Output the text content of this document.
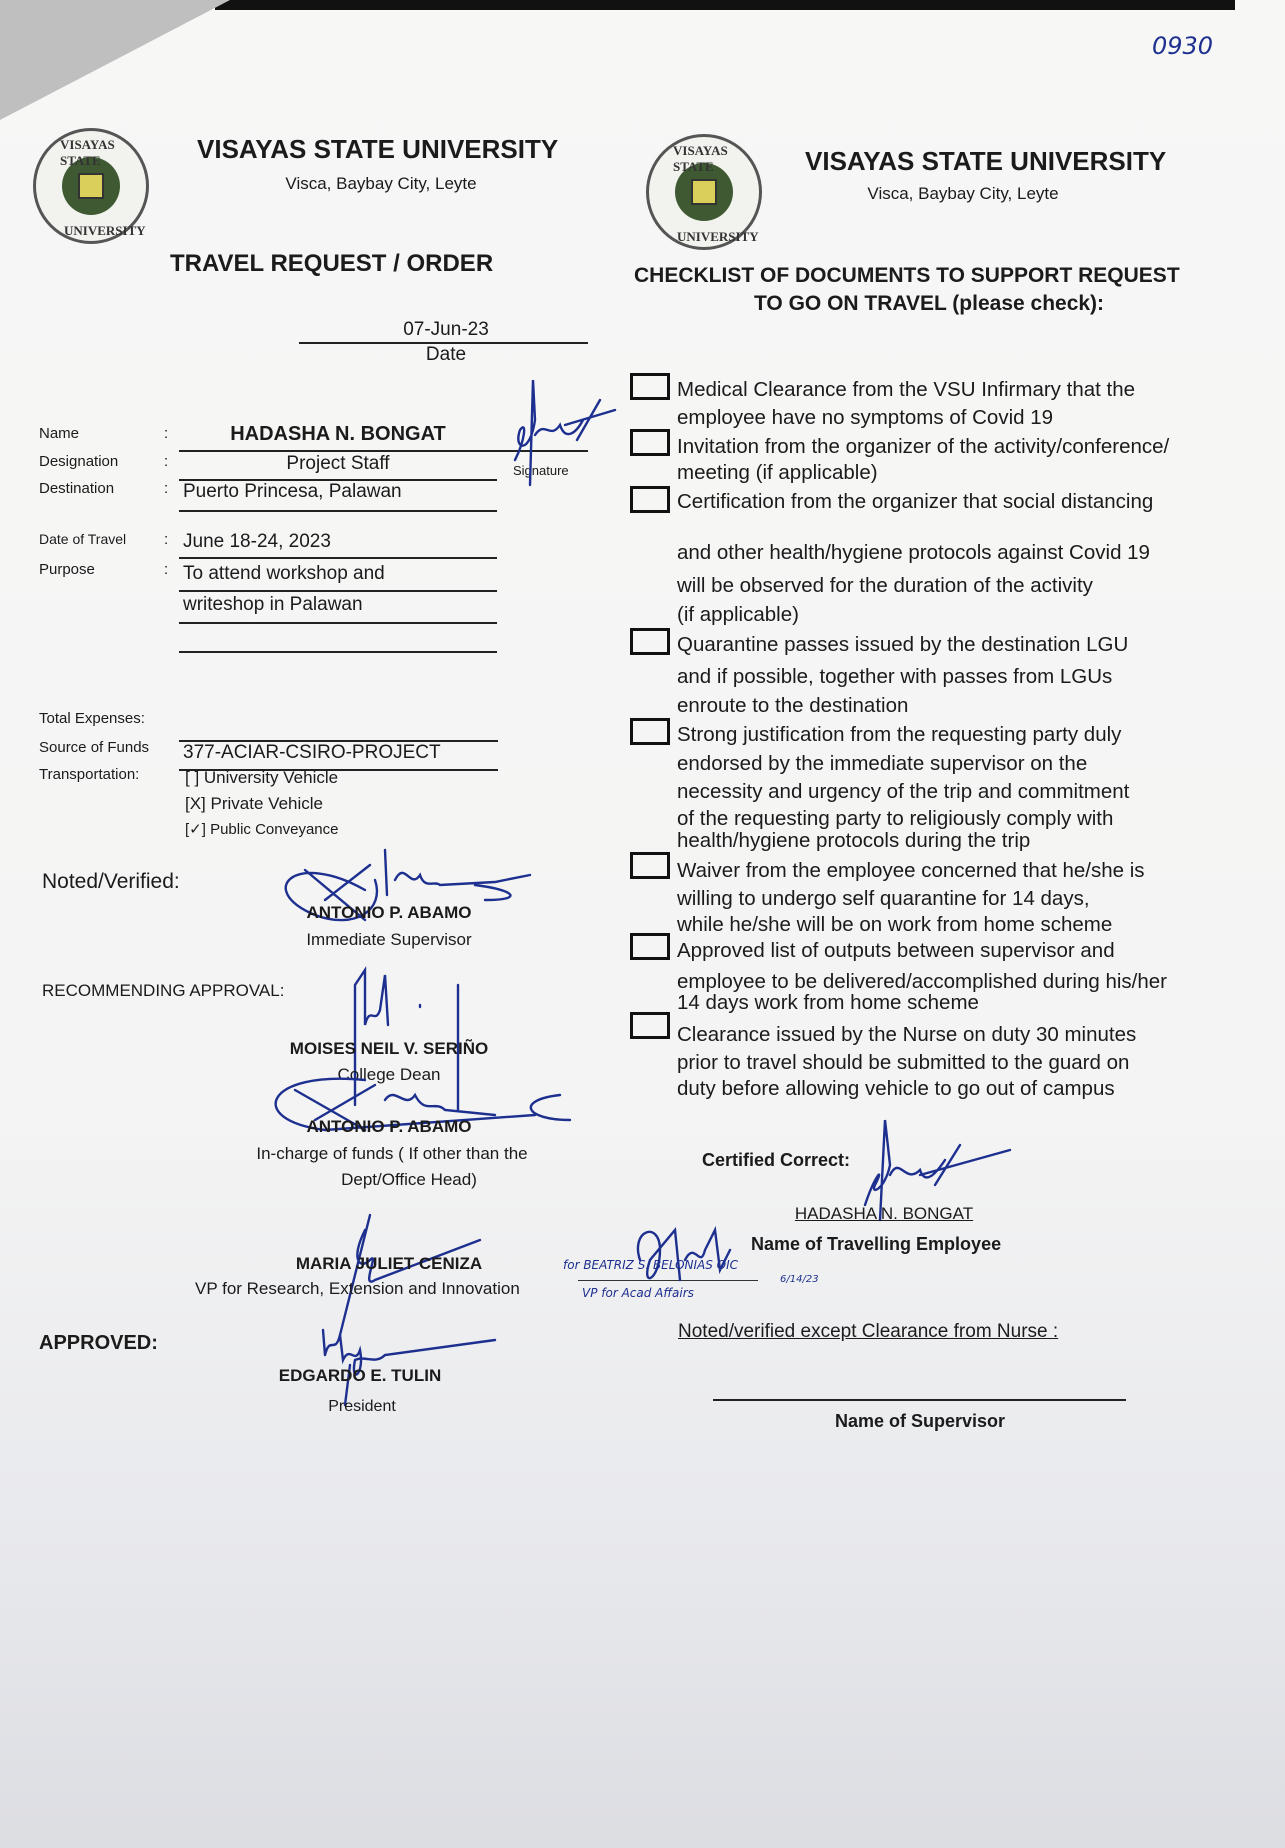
0930
VISAYAS STATE
UNIVERSITY
VISAYAS STATE UNIVERSITY
Visca, Baybay City, Leyte
VISAYAS STATE
UNIVERSITY
VISAYAS STATE UNIVERSITY
Visca, Baybay City, Leyte
TRAVEL REQUEST / ORDER
07-Jun-23
Date
Name
Designation
Destination
Date of Travel
Purpose
:
:
:
:
:
HADASHA N. BONGAT
Project Staff
Puerto Princesa, Palawan
June 18-24, 2023
To attend workshop and
writeshop in Palawan
Signature
Total Expenses:
Source of Funds 377-ACIAR-CSIRO-PROJECT
Transportation:	[ ] University Vehicle
[X] Private Vehicle
[✓] Public Conveyance
Noted/Verified:
ANTONIO P. ABAMO
Immediate Supervisor
RECOMMENDING APPROVAL:
MOISES NEIL V. SERIÑO
College Dean
ANTONIO P. ABAMO
In-charge of funds ( If other than the
Dept/Office Head)
MARIA JULIET CENIZA
VP for Research, Extension and Innovation
for BEATRIZ S. BELONIAS OIC
6/14/23
VP for Acad Affairs
APPROVED:
EDGARDO E. TULIN
President
CHECKLIST OF DOCUMENTS TO SUPPORT REQUEST
TO GO ON TRAVEL (please check):
Medical Clearance from the VSU Infirmary that the
employee have no symptoms of Covid 19
Invitation from the organizer of the activity/conference/
meeting (if applicable)
Certification from the organizer that social distancing
and other health/hygiene protocols against Covid 19
will be observed for the duration of the activity
(if applicable)
Quarantine passes issued by the destination LGU
and if possible, together with passes from LGUs
enroute to the destination
Strong justification from the requesting party duly
endorsed by the immediate supervisor on the
necessity and urgency of the trip and commitment
of the requesting party to religiously comply with
health/hygiene protocols during the trip
Waiver from the employee concerned that he/she is
willing to undergo self quarantine for 14 days,
while he/she will be on work from home scheme
Approved list of outputs between supervisor and
employee to be delivered/accomplished during his/her
14 days work from home scheme
Clearance issued by the Nurse on duty 30 minutes
prior to travel should be submitted to the guard on
duty before allowing vehicle to go out of campus
Certified Correct:
HADASHA N. BONGAT
Name of Travelling Employee
Noted/verified except Clearance from Nurse :
Name of Supervisor
